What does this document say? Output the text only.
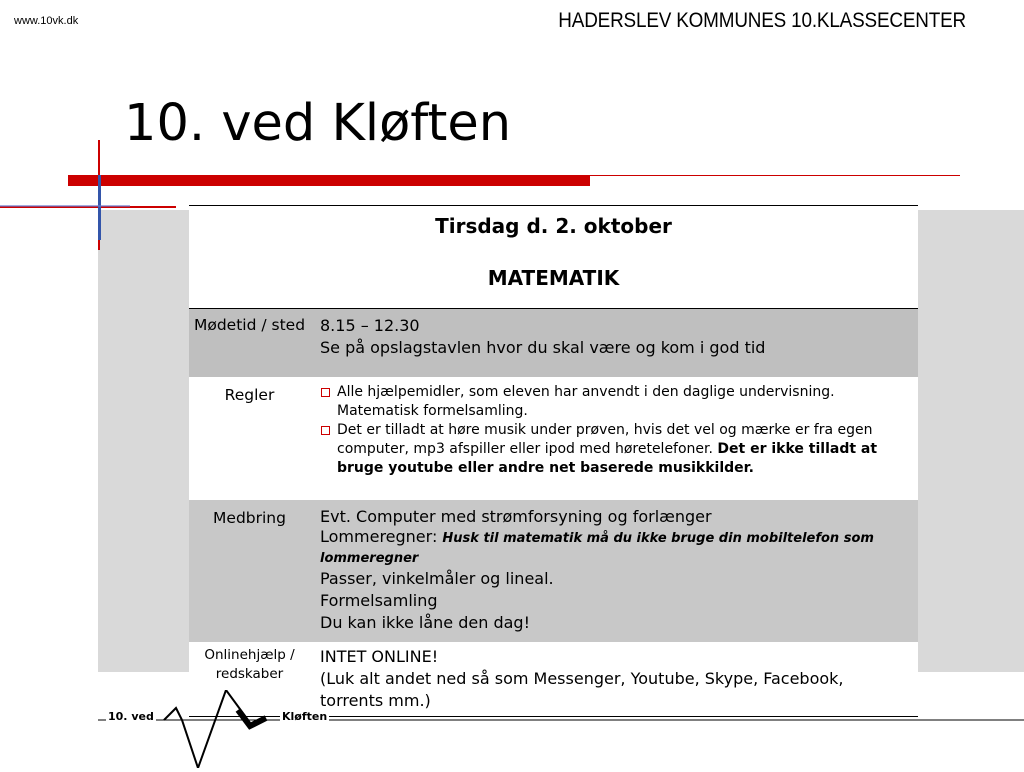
www.10vk.dk	HADERSLEV KOMMUNES 10.KLASSECENTER
10. ved Kløften
Tirsdag d. 2. oktober
MATEMATIK	

Mødetid / sted	8.15 – 12.30
Se på opslagstavlen hvor du skal være og kom i god tid

Regler	Alle hjælpemidler, som eleven har anvendt i den daglige undervisning. Matematisk formelsamling.
Det er tilladt at høre musik under prøven, hvis det vel og mærke er fra egen computer, mp3 afspiller eller ipod med høretelefoner. Det er ikke tilladt at bruge youtube eller andre net baserede musikkilder.

Medbring	Evt. Computer med strømforsyning og forlænger
Lommeregner: Husk til matematik må du ikke bruge din mobiltelefon som lommeregner
Passer, vinkelmåler og lineal.
Formelsamling
Du kan ikke låne den dag!

Onlinehjælp / redskaber	INTET ONLINE!
(Luk alt andet ned så som Messenger, Youtube, Skype, Facebook, torrents mm.)
10. ved	Kløften
